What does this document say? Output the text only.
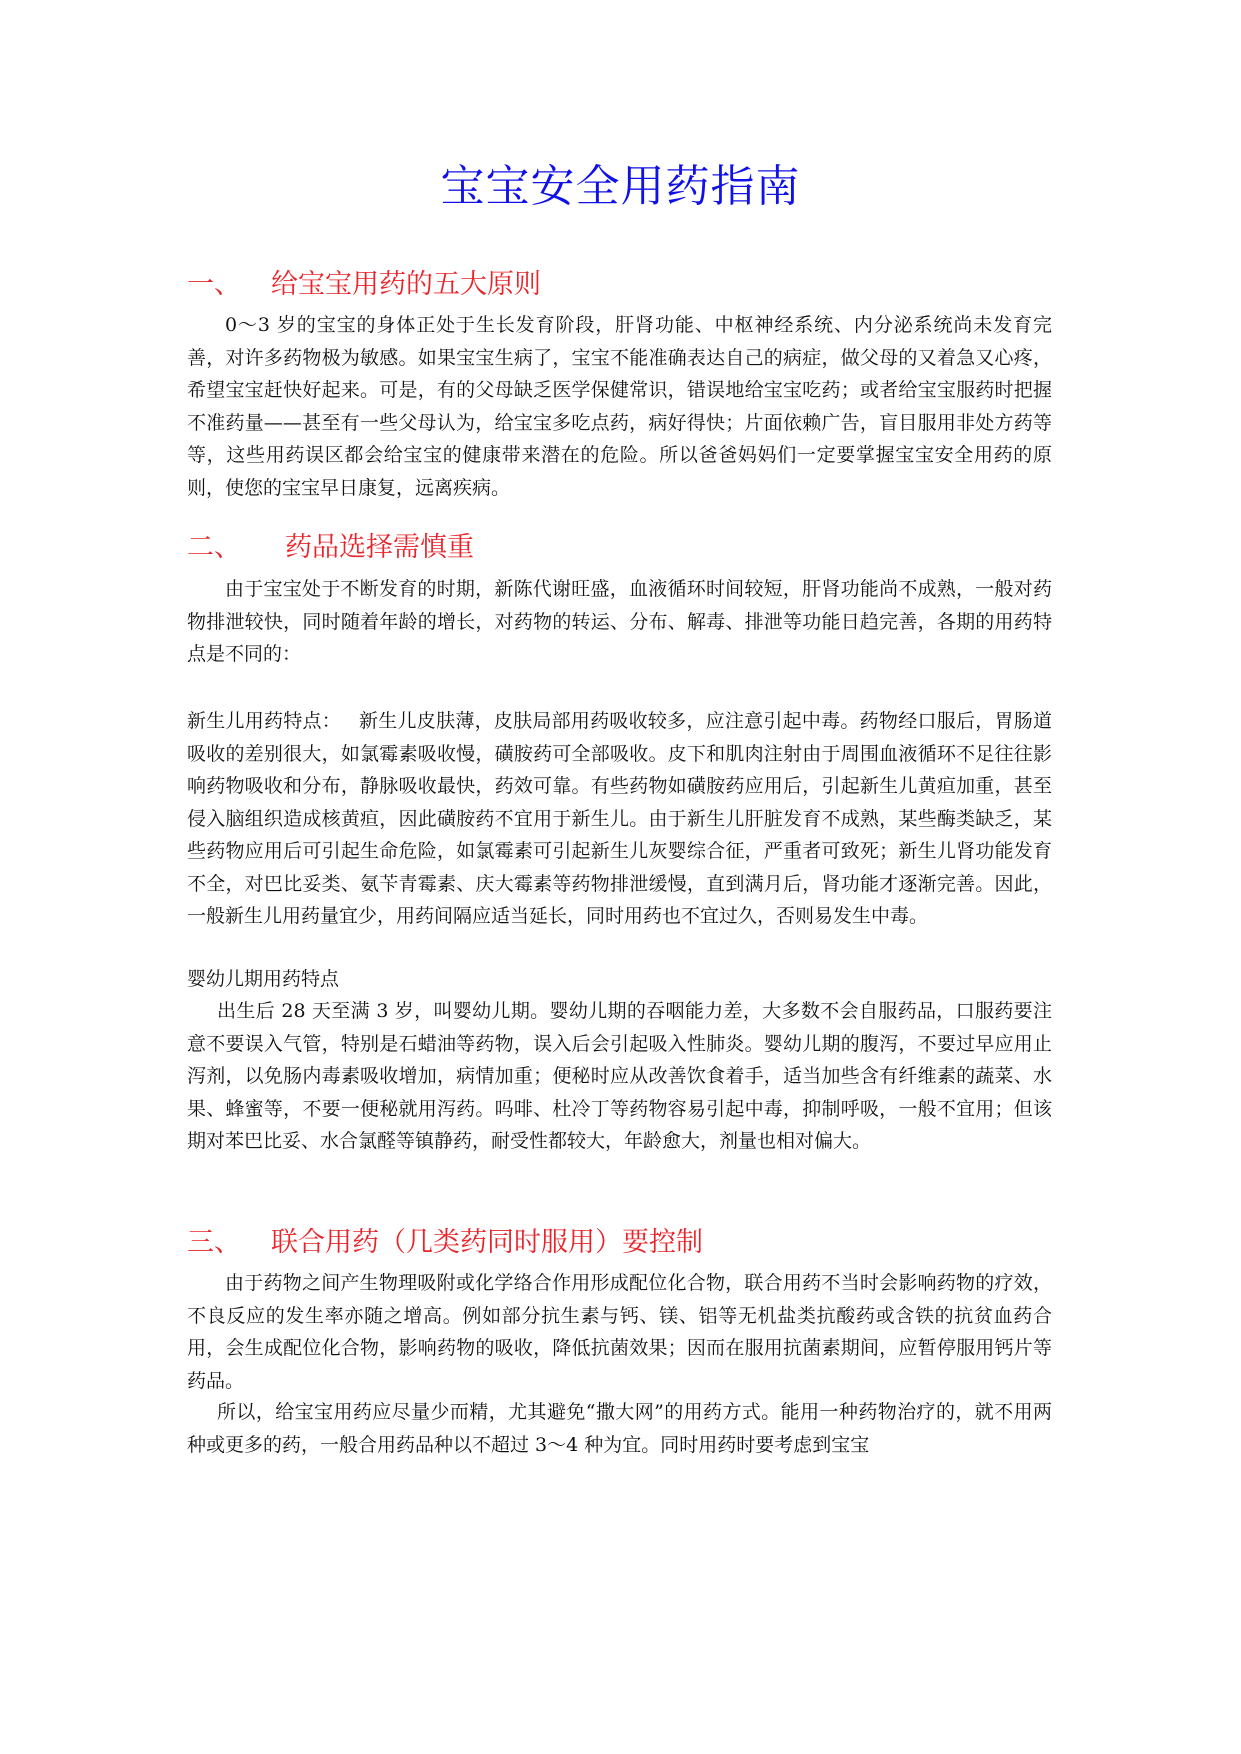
宝宝安全用药指南
一、 给宝宝用药的五大原则
0～3 岁的宝宝的身体正处于生长发育阶段，肝肾功能、中枢神经系统、内分泌系统尚未发育完善，对许多药物极为敏感。如果宝宝生病了，宝宝不能准确表达自己的病症，做父母的又着急又心疼，希望宝宝赶快好起来。可是，有的父母缺乏医学保健常识，错误地给宝宝吃药；或者给宝宝服药时把握不准药量——甚至有一些父母认为，给宝宝多吃点药，病好得快；片面依赖广告，盲目服用非处方药等等，这些用药误区都会给宝宝的健康带来潜在的危险。所以爸爸妈妈们一定要掌握宝宝安全用药的原则，使您的宝宝早日康复，远离疾病。
二、 药品选择需慎重
由于宝宝处于不断发育的时期，新陈代谢旺盛，血液循环时间较短，肝肾功能尚不成熟，一般对药物排泄较快，同时随着年龄的增长，对药物的转运、分布、解毒、排泄等功能日趋完善，各期的用药特点是不同的：
新生儿用药特点： 新生儿皮肤薄，皮肤局部用药吸收较多，应注意引起中毒。药物经口服后，胃肠道吸收的差别很大，如氯霉素吸收慢，磺胺药可全部吸收。皮下和肌肉注射由于周围血液循环不足往往影响药物吸收和分布，静脉吸收最快，药效可靠。有些药物如磺胺药应用后，引起新生儿黄疸加重，甚至侵入脑组织造成核黄疸，因此磺胺药不宜用于新生儿。由于新生儿肝脏发育不成熟，某些酶类缺乏，某些药物应用后可引起生命危险，如氯霉素可引起新生儿灰婴综合征，严重者可致死；新生儿肾功能发育不全，对巴比妥类、氨苄青霉素、庆大霉素等药物排泄缓慢，直到满月后，肾功能才逐渐完善。因此，一般新生儿用药量宜少，用药间隔应适当延长，同时用药也不宜过久，否则易发生中毒。
婴幼儿期用药特点
出生后 28 天至满 3 岁，叫婴幼儿期。婴幼儿期的吞咽能力差，大多数不会自服药品，口服药要注意不要误入气管，特别是石蜡油等药物，误入后会引起吸入性肺炎。婴幼儿期的腹泻，不要过早应用止泻剂，以免肠内毒素吸收增加，病情加重；便秘时应从改善饮食着手，适当加些含有纤维素的蔬菜、水果、蜂蜜等，不要一便秘就用泻药。吗啡、杜冷丁等药物容易引起中毒，抑制呼吸，一般不宜用；但该期对苯巴比妥、水合氯醛等镇静药，耐受性都较大，年龄愈大，剂量也相对偏大。
三、 联合用药（几类药同时服用）要控制
由于药物之间产生物理吸附或化学络合作用形成配位化合物，联合用药不当时会影响药物的疗效，不良反应的发生率亦随之增高。例如部分抗生素与钙、镁、铝等无机盐类抗酸药或含铁的抗贫血药合用，会生成配位化合物，影响药物的吸收，降低抗菌效果；因而在服用抗菌素期间，应暂停服用钙片等药品。
所以，给宝宝用药应尽量少而精，尤其避免“撒大网”的用药方式。能用一种药物治疗的，就不用两种或更多的药，一般合用药品种以不超过 3～4 种为宜。同时用药时要考虑到宝宝
